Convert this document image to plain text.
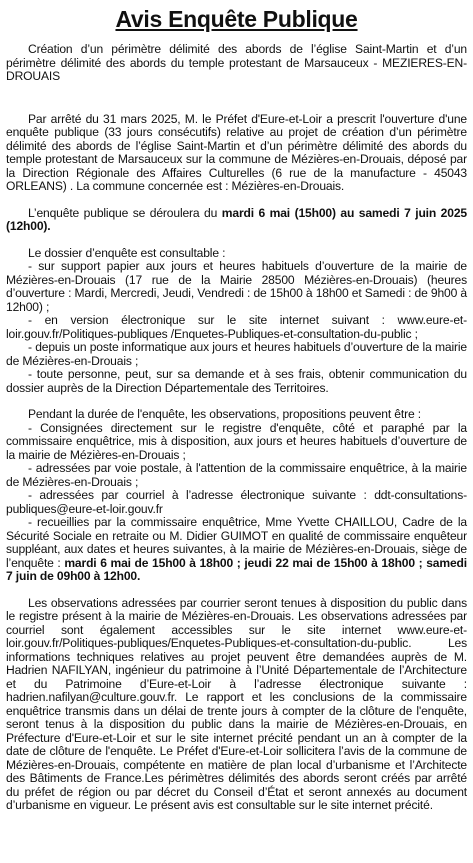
Avis Enquête Publique

Création d’un périmètre délimité des abords de l’église Saint-Martin et d’un périmètre délimité des abords du temple protestant de Marsauceux - MEZIERES-EN-DROUAIS

Par arrêté du 31 mars 2025, M. le Préfet d'Eure-et-Loir a prescrit l'ouverture d'une enquête publique (33 jours consécutifs) relative au projet de création d’un périmètre délimité des abords de l’église Saint-Martin et d’un périmètre délimité des abords du temple protestant de Marsauceux sur la commune de Mézières-en-Drouais, déposé par la Direction Régionale des Affaires Culturelles (6 rue de la manufacture - 45043 ORLEANS) . La commune concernée est : Mézières-en-Drouais.

L’enquête publique se déroulera du mardi 6 mai (15h00) au samedi 7 juin 2025 (12h00).

Le dossier d’enquête est consultable :
- sur support papier aux jours et heures habituels d’ouverture de la mairie de Mézières-en-Drouais (17 rue de la Mairie 28500 Mézières-en-Drouais) (heures d’ouverture : Mardi, Mercredi, Jeudi, Vendredi : de 15h00 à 18h00 et Samedi : de 9h00 à 12h00) ;
- en version électronique sur le site internet suivant : www.eure-et-loir.gouv.fr/Politiques-publiques /Enquetes-Publiques-et-consultation-du-public ;
- depuis un poste informatique aux jours et heures habituels d’ouverture de la mairie de Mézières-en-Drouais ;
- toute personne, peut, sur sa demande et à ses frais, obtenir communication du dossier auprès de la Direction Départementale des Territoires.
Pendant la durée de l'enquête, les observations, propositions peuvent être :
- Consignées directement sur le registre d'enquête, côté et paraphé par la commissaire enquêtrice, mis à disposition, aux jours et heures habituels d’ouverture de la mairie de Mézières-en-Drouais ;
- adressées par voie postale, à l'attention de la commissaire enquêtrice, à la mairie de Mézières-en-Drouais ;
- adressées par courriel à l’adresse électronique suivante : ddt-consultations-publiques@eure-et-loir.gouv.fr
- recueillies par la commissaire enquêtrice, Mme Yvette CHAILLOU, Cadre de la Sécurité Sociale en retraite ou M. Didier GUIMOT en qualité de commissaire enquêteur suppléant, aux dates et heures suivantes, à la mairie de Mézières-en-Drouais, siège de l’enquête : mardi 6 mai de 15h00 à 18h00 ; jeudi 22 mai de 15h00 à 18h00 ; samedi 7 juin de 09h00 à 12h00.

Les observations adressées par courrier seront tenues à disposition du public dans le registre présent à la mairie de Mézières-en-Drouais. Les observations adressées par courriel sont également accessibles sur le site internet www.eure-et-loir.gouv.fr/Politiques-publiques/Enquetes-Publiques-et-consultation-du-public. Les informations techniques relatives au projet peuvent être demandées auprès de M. Hadrien NAFILYAN, ingénieur du patrimoine à l’Unité Départementale de l’Architecture et du Patrimoine d’Eure-et-Loir à l’adresse électronique suivante : hadrien.nafilyan@culture.gouv.fr. Le rapport et les conclusions de la commissaire enquêtrice transmis dans un délai de trente jours à compter de la clôture de l'enquête, seront tenus à la disposition du public dans la mairie de Mézières-en-Drouais, en Préfecture d'Eure-et-Loir et sur le site internet précité pendant un an à compter de la date de clôture de l'enquête. Le Préfet d'Eure-et-Loir sollicitera l’avis de la commune de Mézières-en-Drouais, compétente en matière de plan local d’urbanisme et l’Architecte des Bâtiments de France.Les périmètres délimités des abords seront créés par arrêté du préfet de région ou par décret du Conseil d’État et seront annexés au document d’urbanisme en vigueur. Le présent avis est consultable sur le site internet précité.
